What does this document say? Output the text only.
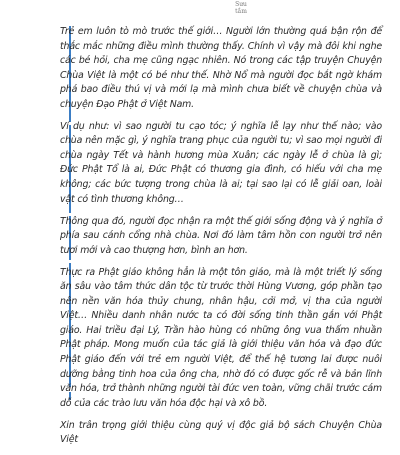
Sưu
tầm

Trẻ em luôn tò mò trước thế giới… Người lớn thường quá bận rộn để thắc mắc những điều mình thường thấy. Chính vì vậy mà đôi khi nghe các bé hỏi, cha mẹ cũng ngạc nhiên. Nó trong các tập truyện Chuyện Chùa Việt là một có bé như thế. Nhờ Nổ mà người đọc bắt ngờ khám phá bao điều thú vị và mới lạ mà mình chưa biết về chuyện chùa và chuyện Đạo Phật ở Việt Nam.

Ví dụ như: vì sao người tu cạo tóc; ý nghĩa lễ lạy như thế nào; vào chùa nên mặc gì, ý nghĩa trang phục của người tu; vì sao mọi người đi chùa ngày Tết và hành hương mùa Xuân; các ngày lễ ở chùa là gì; Đức Phật Tổ là ai, Đức Phật có thương gia đình, có hiếu với cha mẹ không; các bức tượng trong chùa là ai; tại sao lại có lễ giải oan, loài vật có tình thương không…

Thông qua đó, người đọc nhận ra một thế giới sống động và ý nghĩa ở phía sau cánh cổng nhà chùa. Nơi đó làm tâm hồn con người trở nên tươi mới và cao thượng hơn, bình an hơn.

Thực ra Phật giáo không hẳn là một tôn giáo, mà là một triết lý sống ăn sâu vào tâm thức dân tộc từ trước thời Hùng Vương, góp phần tạo nên nền văn hóa thủy chung, nhân hậu, cởi mở, vị tha của người Việt… Nhiều danh nhân nước ta có đời sống tinh thần gắn với Phật giáo. Hai triều đại Lý, Trần hào hùng có những ông vua thấm nhuần Phật pháp. Mong muốn của tác giả là giới thiệu văn hóa và đạo đức Phật giáo đến với trẻ em người Việt, để thế hệ tương lai được nuôi dưỡng bằng tinh hoa của ông cha, nhờ đó có được gốc rễ và bản lĩnh văn hóa, trở thành những người tài đức ven toàn, vững chãi trước cám dỗ của các trào lưu văn hóa độc hại và xô bồ.

Xin trân trọng giới thiệu cùng quý vị độc giả bộ sách Chuyện Chùa Việt
